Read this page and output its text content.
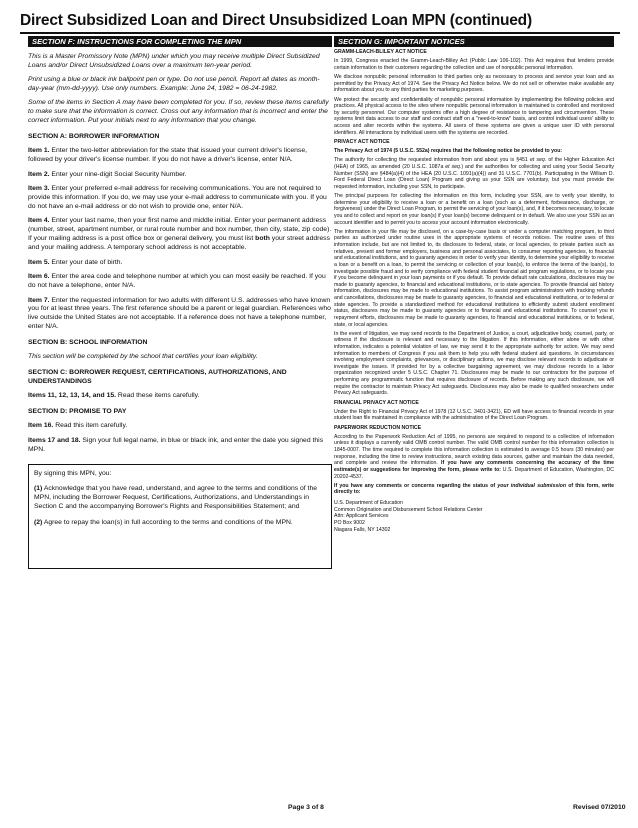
Direct Subsidized Loan and Direct Unsubsidized Loan MPN (continued)
SECTION F: INSTRUCTIONS FOR COMPLETING THE MPN

This is a Master Promissory Note (MPN) under which you may receive multiple Direct Subsidized Loans and/or Direct Unsubsidized Loans over a maximum ten-year period.

Print using a blue or black ink ballpoint pen or type. Do not use pencil. Report all dates as month-day-year (mm-dd-yyyy). Use only numbers. Example: June 24, 1982 = 06-24-1982.

Some of the items in Section A may have been completed for you. If so, review these items carefully to make sure that the information is correct. Cross out any information that is incorrect and enter the correct information. Put your initials next to any information that you change.

SECTION A: BORROWER INFORMATION

Item 1. Enter the two-letter abbreviation for the state that issued your current driver's license, followed by your driver's license number. If you do not have a driver's license, enter N/A.

Item 2. Enter your nine-digit Social Security Number.

Item 3. Enter your preferred e-mail address for receiving communications. You are not required to provide this information. If you do, we may use your e-mail address to communicate with you. If you do not have an e-mail address or do not wish to provide one, enter N/A.

Item 4. Enter your last name, then your first name and middle initial. Enter your permanent address (number, street, apartment number, or rural route number and box number, then city, state, zip code). If your mailing address is a post office box or general delivery, you must list both your street address and your mailing address. A temporary school address is not acceptable.

Item 5. Enter your date of birth.

Item 6. Enter the area code and telephone number at which you can most easily be reached. If you do not have a telephone, enter N/A.

Item 7. Enter the requested information for two adults with different U.S. addresses who have known you for at least three years. The first reference should be a parent or legal guardian. References who live outside the United States are not acceptable. If a reference does not have a telephone number, enter N/A.

SECTION B: SCHOOL INFORMATION

This section will be completed by the school that certifies your loan eligibility.

SECTION C: BORROWER REQUEST, CERTIFICATIONS, AUTHORIZATIONS, AND UNDERSTANDINGS

Items 11, 12, 13, 14, and 15. Read these items carefully.

SECTION D: PROMISE TO PAY

Item 16. Read this item carefully.

Items 17 and 18. Sign your full legal name, in blue or black ink, and enter the date you signed this MPN.

By signing this MPN, you:

(1) Acknowledge that you have read, understand, and agree to the terms and conditions of the MPN, including the Borrower Request, Certifications, Authorizations, and Understandings in Section C and the accompanying Borrower's Rights and Responsibilities Statement; and

(2) Agree to repay the loan(s) in full according to the terms and conditions of the MPN.

SECTION G: IMPORTANT NOTICES

GRAMM-LEACH-BLILEY ACT NOTICE

In 1999, Congress enacted the Gramm-Leach-Bliley Act (Public Law 106-102). This Act requires that lenders provide certain information to their customers regarding the collection and use of nonpublic personal information.

We disclose nonpublic personal information to third parties only as necessary to process and service your loan and as permitted by the Privacy Act of 1974. See the Privacy Act Notice below. We do not sell or otherwise make available any information about you to any third parties for marketing purposes.

We protect the security and confidentiality of nonpublic personal information by implementing the following policies and practices. All physical access to the sites where nonpublic personal information is maintained is controlled and monitored by security personnel. Our computer systems offer a high degree of resistance to tampering and circumvention. These systems limit data access to our staff and contract staff on a "need-to-know" basis, and control individual users' ability to access and alter records within the systems. All users of these systems are given a unique user ID with personal identifiers. All interactions by individual users with the systems are recorded.

PRIVACY ACT NOTICE

The Privacy Act of 1974 (5 U.S.C. 552a) requires that the following notice be provided to you:

The authority for collecting the requested information from and about you is §451 et seq. of the Higher Education Act (HEA) of 1965, as amended (20 U.S.C. 1087a et seq.) and the authorities for collecting and using your Social Security Number (SSN) are §484(a)(4) of the HEA (20 U.S.C. 1091(a)(4)) and 31 U.S.C. 7701(b). Participating in the William D. Ford Federal Direct Loan (Direct Loan) Program and giving us your SSN are voluntary, but you must provide the requested information, including your SSN, to participate.

The principal purposes for collecting the information on this form, including your SSN, are to verify your identity, to determine your eligibility to receive a loan or a benefit on a loan (such as a deferment, forbearance, discharge, or forgiveness) under the Direct Loan Program, to permit the servicing of your loan(s), and, if it becomes necessary, to locate you and to collect and report on your loan(s) if your loan(s) become delinquent or in default. We also use your SSN as an account identifier and to permit you to access your account information electronically.

The information in your file may be disclosed, on a case-by-case basis or under a computer matching program, to third parties as authorized under routine uses in the appropriate systems of records notices. The routine uses of this information include, but are not limited to, its disclosure to federal, state, or local agencies, to private parties such as relatives, present and former employers, business and personal associates, to consumer reporting agencies, to financial and educational institutions, and to guaranty agencies in order to verify your identity, to determine your eligibility to receive a loan or a benefit on a loan, to permit the servicing or collection of your loan(s), to enforce the terms of the loan(s), to investigate possible fraud and to verify compliance with federal student financial aid program regulations, or to locate you if you become delinquent in your loan payments or if you default. To provide default rate calculations, disclosures may be made to guaranty agencies, to financial and educational institutions, or to state agencies. To provide financial aid history information, disclosures may be made to educational institutions. To assist program administrators with tracking refunds and cancellations, disclosures may be made to guaranty agencies, to financial and educational institutions, or to federal or state agencies. To provide a standardized method for educational institutions to efficiently submit student enrollment status, disclosures may be made to guaranty agencies or to financial and educational institutions. To counsel you in repayment efforts, disclosures may be made to guaranty agencies, to financial and educational institutions, or to federal, state, or local agencies.

In the event of litigation, we may send records to the Department of Justice, a court, adjudicative body, counsel, party, or witness if the disclosure is relevant and necessary to the litigation. If this information, either alone or with other information, indicates a potential violation of law, we may send it to the appropriate authority for action. We may send information to members of Congress if you ask them to help you with federal student aid questions. In circumstances involving employment complaints, grievances, or disciplinary actions, we may disclose relevant records to adjudicate or investigate the issues. If provided for by a collective bargaining agreement, we may disclose records to a labor organization recognized under 5 U.S.C. Chapter 71. Disclosures may be made to our contractors for the purpose of performing any programmatic function that requires disclosure of records. Before making any such disclosure, we will require the contractor to maintain Privacy Act safeguards. Disclosures may also be made to qualified researchers under Privacy Act safeguards.

FINANCIAL PRIVACY ACT NOTICE

Under the Right to Financial Privacy Act of 1978 (12 U.S.C. 3401-3421), ED will have access to financial records in your student loan file maintained in compliance with the administration of the Direct Loan Program.

PAPERWORK REDUCTION NOTICE

According to the Paperwork Reduction Act of 1995, no persons are required to respond to a collection of information unless it displays a currently valid OMB control number. The valid OMB control number for this information collection is 1845-0007. The time required to complete this information collection is estimated to average 0.5 hours (30 minutes) per response, including the time to review instructions, search existing data sources, gather and maintain the data needed, and complete and review the information. If you have any comments concerning the accuracy of the time estimate(s) or suggestions for improving the form, please write to: U.S. Department of Education, Washington, DC 20202-4537.

If you have any comments or concerns regarding the status of your individual submission of this form, write directly to:

U.S. Department of Education
Common Origination and Disbursement School Relations Center
Attn: Applicant Services
PO Box 9002
Niagara Falls, NY 14302

Page 3 of 8	Revised 07/2010
